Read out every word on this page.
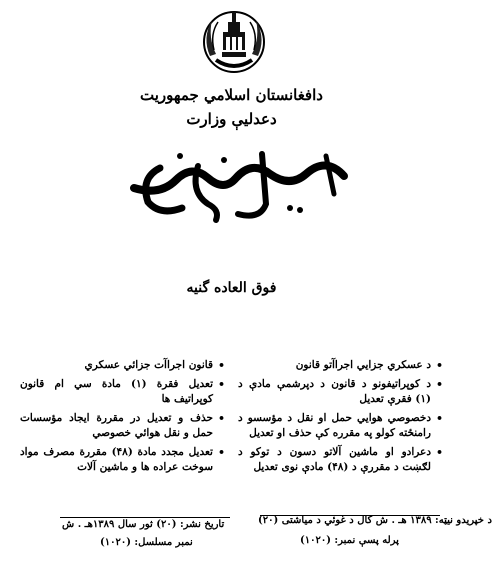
دافغانستان اسلامي جمهوريت
دعدليې وزارت
فوق العاده گنيه
•
د عسكري جزايي اجراآتو قانون
•
د كوپراتيفونو د قانون د دپرشمې مادې د (۱) فقرې تعديل
•
دخصوصي هوايي حمل او نقل د مؤسسو د رامنځته كولو په مقرره كې حذف او تعديل
•
دعرادو او ماشين آلاتو دسون د توكو د لګښت د مقررې د (۴۸) مادې نوى تعديل
•
قانون اجراآت جزائي عسكري
•
تعديل فقرة (۱) مادة سي ام قانون كوپراتيف ها
•
حذف و تعديل در مقررة ايجاد مؤسسات حمل و نقل هوائي خصوصي
•
تعديل مجدد مادة (۴۸) مقررة مصرف مواد سوخت عراده ها و ماشين آلات
د خپريدو نيټه: ۱۳۸۹ هـ . ش كال د غوئي د مياشتى (۲۰)
پرله پسې نمبر: (۱۰۲۰)
تاريخ نشر: (۲۰) ثور سال ۱۳۸۹هـ . ش
نمبر مسلسل: (۱۰۲۰)
